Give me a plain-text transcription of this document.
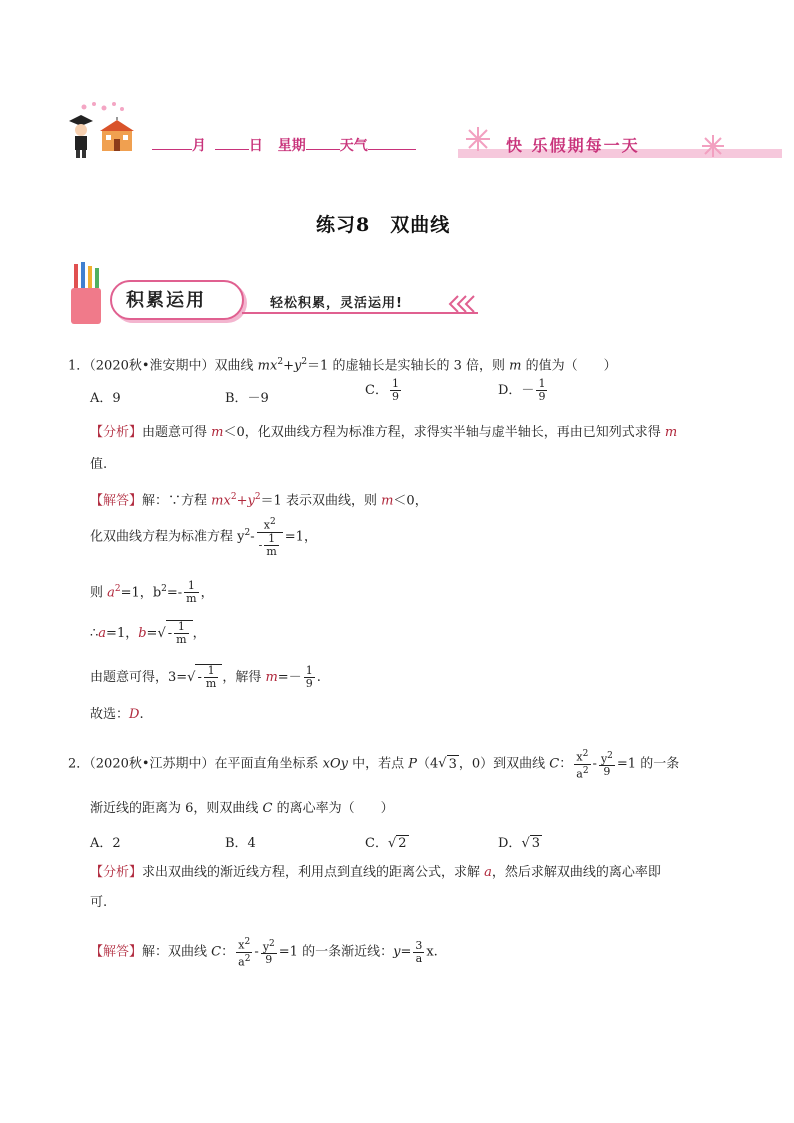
月	日 星期 天气	快 乐假期每一天
练习8　双曲线
积累运用	轻松积累，灵活运用!
1．（2020秋•淮安期中）双曲线 $mx^2+y^2=1$ 的虚轴长是实轴长的 3 倍，则 m 的值为（　　）
A．9	B．－9
C． $\frac{1}{9}$	D．－ $\frac{1}{9}$
【分析】由题意可得 m＜0，化双曲线方程为标准方程，求得实半轴与虚半轴长，再由已知列式求得 m
值.
【解答】解：∵方程 $mx^2+y^2=1$ 表示双曲线，则 m＜0，
化双曲线方程为标准方程 $y^2- \frac{x^2}{- \frac{1}{m}} =1$，
则 $a^2=1$，$b^2=- \frac{1}{m}$ ，
∴a=1，$b=√ - \frac{1}{m}$ ，
由题意可得，$3=√ - \frac{1}{m}$ ，解得 $m=- \frac{1}{9}$ .
故选：D.
2．（2020秋•江苏期中）在平面直角坐标系 xOy 中，若点 P（4√ 3 ，0）到双曲线 C： $\frac{x^2}{a^2} - \frac{y^2}{9} =1$ 的一条
渐近线的距离为 6，则双曲线 C 的离心率为（　　）
A．2	B．4	C．√ 2	D．√ 3
【分析】求出双曲线的渐近线方程，利用点到直线的距离公式，求解 a，然后求解双曲线的离心率即
可.
【解答】解：双曲线 C： $\frac{x^2}{a^2} - \frac{y^2}{9} =1$ 的一条渐近线：$y= \frac{3}{a} x$.
